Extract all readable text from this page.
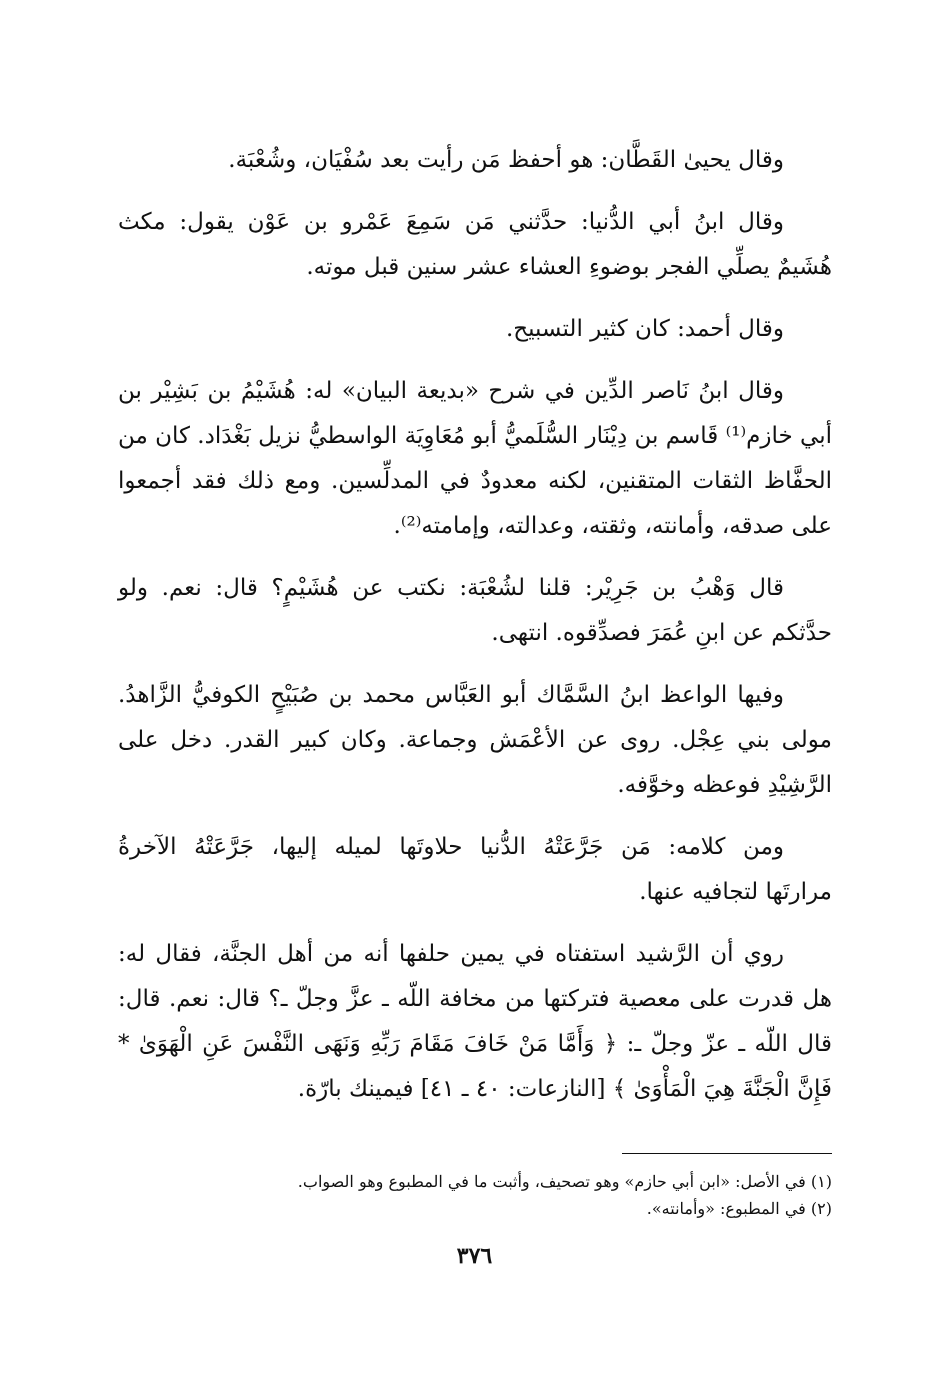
وقال يحيىٰ القَطَّان: هو أحفظ مَن رأيت بعد سُفْيَان، وشُعْبَة.
وقال ابنُ أبي الدُّنيا: حدَّثني مَن سَمِعَ عَمْرو بن عَوْن يقول: مكث
هُشَيمٌ يصلِّي الفجر بوضوءِ العشاء عشر سنين قبل موته.
وقال أحمد: كان كثير التسبيح.
وقال ابنُ نَاصر الدِّين في شرح «بديعة البيان» له: هُشَيْمُ بن بَشِيْر بن
أبي خازم⁽¹⁾ قَاسم بن دِيْنَار السُّلَميُّ أبو مُعَاوِيَة الواسطيُّ نزيل بَغْدَاد. كان من
الحفَّاظ الثقات المتقنين، لكنه معدودٌ في المدلِّسين. ومع ذلك فقد أجمعوا
على صدقه، وأمانته، وثقته، وعدالته، وإمامته⁽²⁾.
قال وَهْبُ بن جَرِيْر: قلنا لشُعْبَة: نكتب عن هُشَيْمٍ؟ قال: نعم. ولو
حدَّثكم عن ابنِ عُمَرَ فصدِّقوه. انتهى.
وفيها الواعظ ابنُ السَّمَّاك أبو العَبَّاس محمد بن صُبَيْحٍ الكوفيُّ الزَّاهدُ.
مولى بني عِجْل. روى عن الأعْمَش وجماعة. وكان كبير القدر. دخل على
الرَّشِيْدِ فوعظه وخوَّفه.
ومن كلامه: مَن جَرَّعَتْهُ الدُّنيا حلاوتَها لميله إليها، جَرَّعَتْهُ الآخرةُ
مرارتَها لتجافيه عنها.
روي أن الرَّشيد استفتاه في يمين حلفها أنه من أهل الجنَّة، فقال له:
هل قدرت على معصية فتركتها من مخافة اللّه ـ عزَّ وجلّ ـ؟ قال: نعم. قال:
قال اللّه ـ عزّ وجلّ ـ: ﴿ وَأَمَّا مَنْ خَافَ مَقَامَ رَبِّهِ وَنَهَى النَّفْسَ عَنِ الْهَوَىٰ *
فَإِنَّ الْجَنَّةَ هِيَ الْمَأْوَىٰ ﴾ [النازعات: ٤٠ ـ ٤١] فيمينك بارّة.

(١) في الأصل: «ابن أبي حازم» وهو تصحيف، وأثبت ما في المطبوع وهو الصواب.

(٢) في المطبوع: «وأمانته».

٣٧٦
